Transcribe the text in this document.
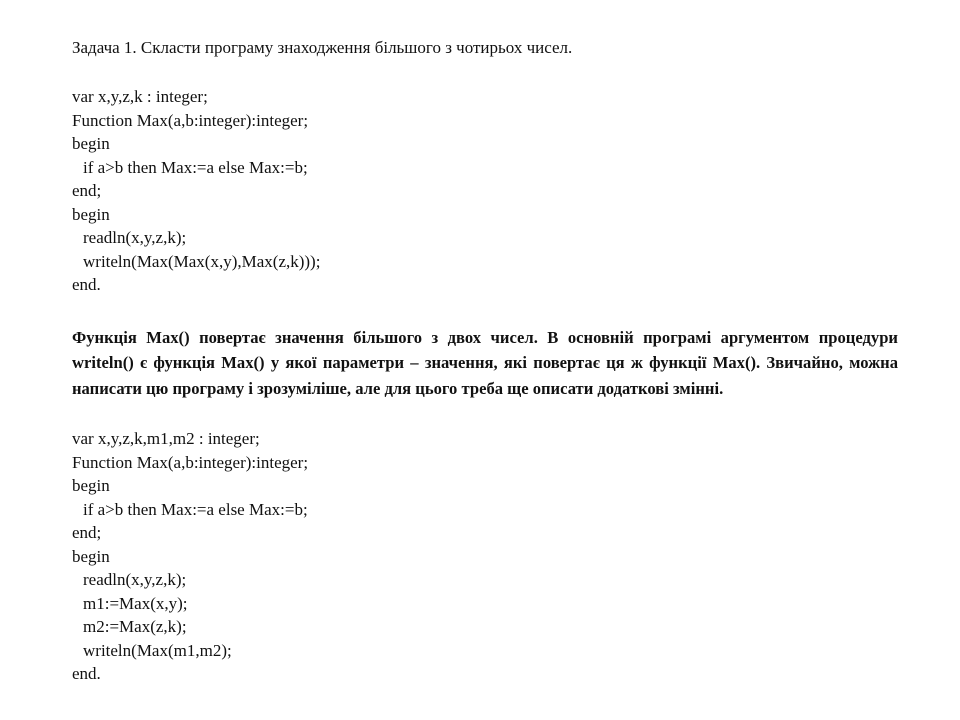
Задача 1. Скласти програму знаходження більшого з чотирьох чисел.

var x,y,z,k : integer;
Function Max(a,b:integer):integer;
begin
if a>b then Max:=a else Max:=b;
end;
begin
readln(x,y,z,k);
writeln(Max(Max(x,y),Max(z,k)));
end.

Функція Max() повертає значення більшого з двох чисел. В основній програмі аргументом процедури writeln() є функція Max() у якої параметри – значення, які повертає ця ж функції Max(). Звичайно, можна написати цю програму і зрозуміліше, але для цього треба ще описати додаткові змінні.

var x,y,z,k,m1,m2 : integer;
Function Max(a,b:integer):integer;
begin
if a>b then Max:=a else Max:=b;
end;
begin
readln(x,y,z,k);
m1:=Max(x,y);
m2:=Max(z,k);
writeln(Max(m1,m2);
end.
